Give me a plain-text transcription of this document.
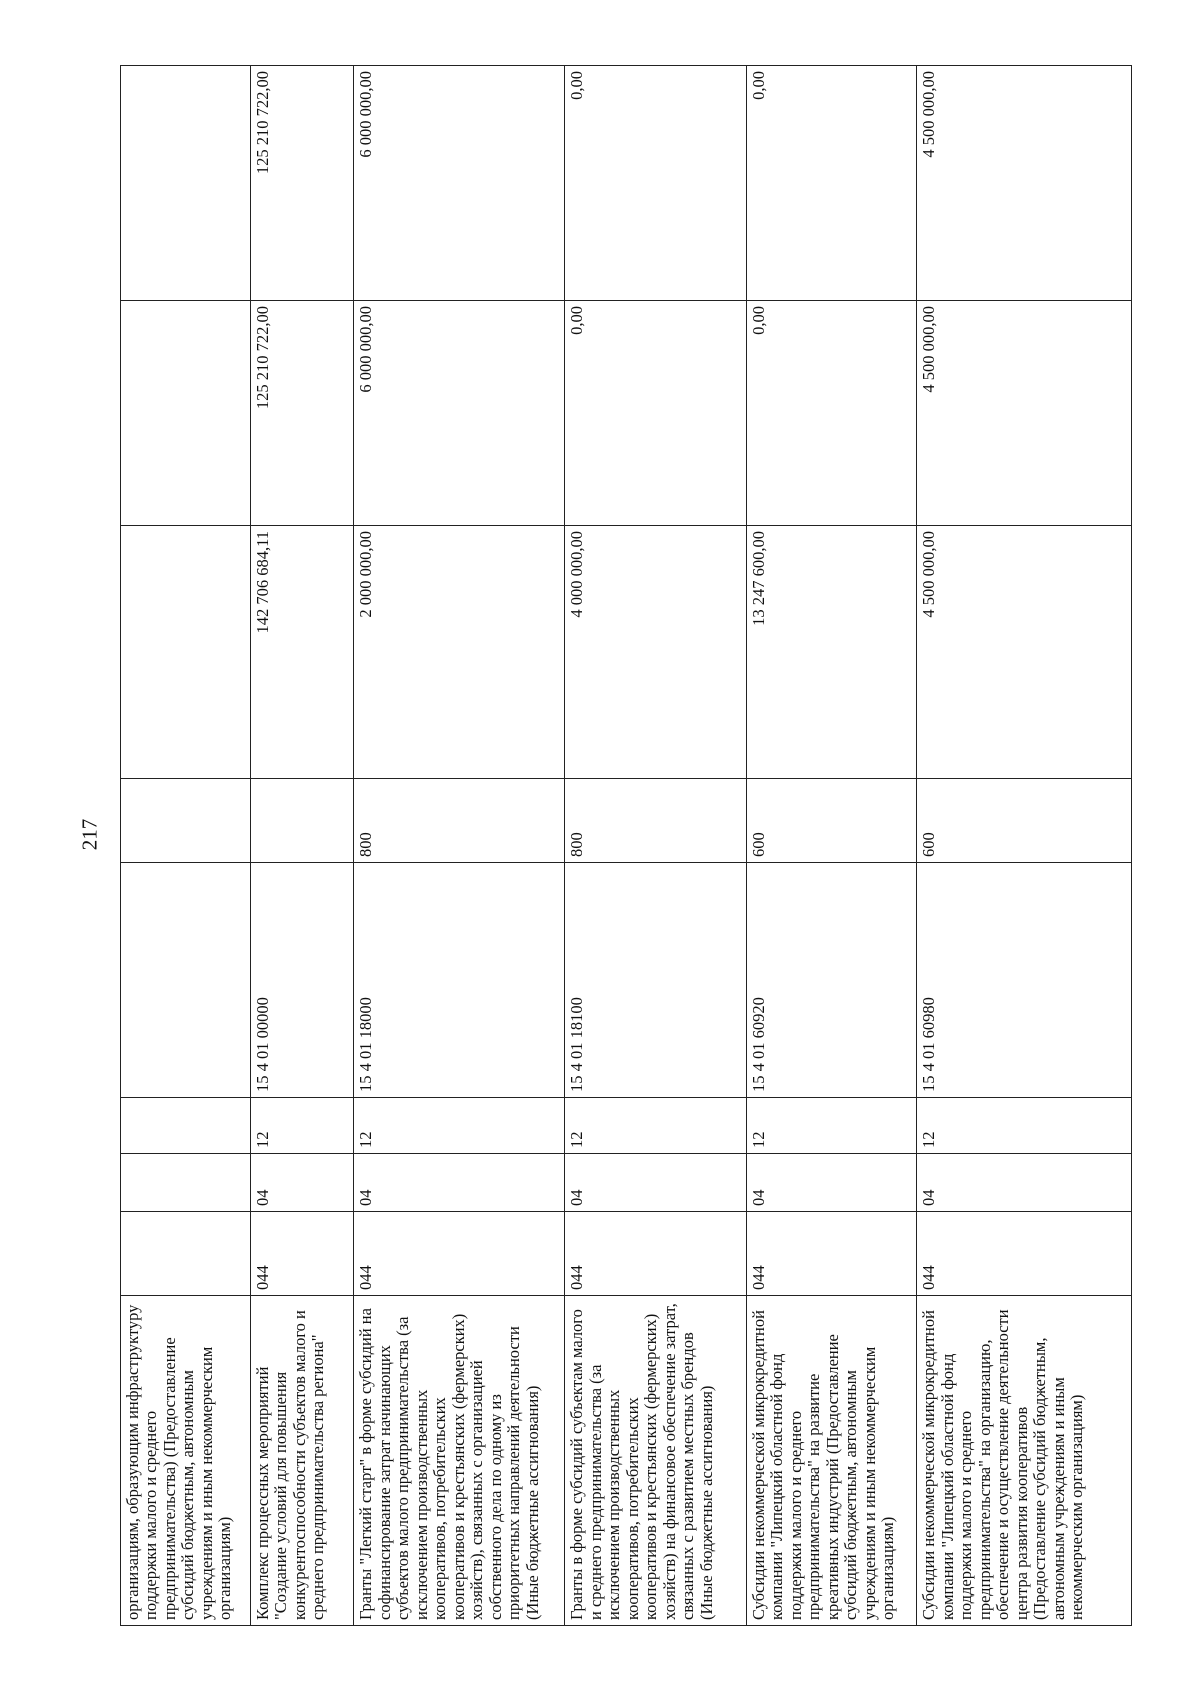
217
организациям, образующим инфраструктуру поддержки малого и среднего предпринимательства) (Предоставление субсидий бюджетным, автономным учреждениям и иным некоммерческим организациям)								
Комплекс процессных мероприятий "Создание условий для повышения конкурентоспособности субъектов малого и среднего предпринимательства региона"	044	04	12	15 4 01 00000		142 706 684,11	125 210 722,00	125 210 722,00
Гранты "Легкий старт" в форме субсидий на софинансирование затрат начинающих субъектов малого предпринимательства (за исключением производственных кооперативов, потребительских кооперативов и крестьянских (фермерских) хозяйств), связанных с организацией собственного дела по одному из приоритетных направлений деятельности (Иные бюджетные ассигнования)	044	04	12	15 4 01 18000	800	2 000 000,00	6 000 000,00	6 000 000,00
Гранты в форме субсидий субъектам малого и среднего предпринимательства (за исключением производственных кооперативов, потребительских кооперативов и крестьянских (фермерских) хозяйств) на финансовое обеспечение затрат, связанных с развитием местных брендов (Иные бюджетные ассигнования)	044	04	12	15 4 01 18100	800	4 000 000,00	0,00	0,00
Субсидии некоммерческой микрокредитной компании "Липецкий областной фонд поддержки малого и среднего предпринимательства" на развитие креативных индустрий (Предоставление субсидий бюджетным, автономным учреждениям и иным некоммерческим организациям)	044	04	12	15 4 01 60920	600	13 247 600,00	0,00	0,00
Субсидии некоммерческой микрокредитной компании "Липецкий областной фонд поддержки малого и среднего предпринимательства" на организацию, обеспечение и осуществление деятельности центра развития кооперативов (Предоставление субсидий бюджетным, автономным учреждениям и иным некоммерческим организациям)	044	04	12	15 4 01 60980	600	4 500 000,00	4 500 000,00	4 500 000,00
